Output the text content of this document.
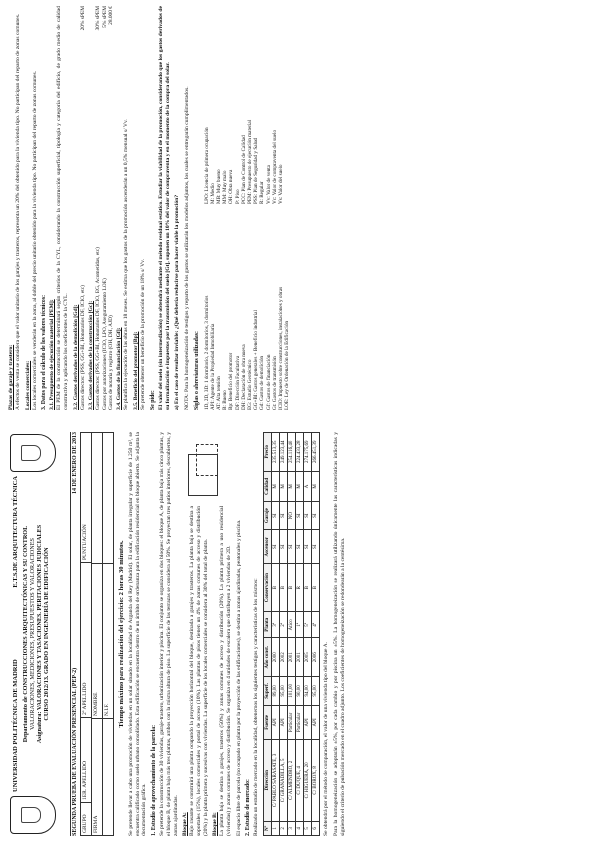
UNIVERSIDAD POLITÉCNICA DE MADRID
E.T.S.DE ARQUITECTURA TÉCNICA Departamento de CONSTRUCCIONES ARQUITECTÓNICAS Y SU CONTROL VALORACIONES, MEDICIONES, PRESUPUESTOS Y VALORACIONES Asignatura: VALORACIONES Y TASACIONES. PERITACIONES JUDICIALES CURSO 2012/13. GRADO EN INGENIERÍA DE EDIFICACIÓN
SEGUNDA PRUEBA DE EVALUACIÓN PRESENCIAL (PEP-2)
14 DE ENERO DE 2013
GRUPO
1ER. APELLIDO
2º APELLIDO
PUNTUACIÓN
FIRMA
NOMBRE N.I.F.	Tiempo máximo para realización del ejercicio: 2 horas 30 minutos. Se pretende llevar a cabo una promoción de viviendas en un solar situado en la localidad de Arganda del Rey (Madrid). El solar, de planta irregular y superficie de 1.250 m², se encuentra calificado como suelo urbano consolidado. Esta edificación se encuentra dentro de un ámbito de ordenanza para la edificación residencial en bloque abierto. Se adjunta la documentación gráfica. 1. Estudio de aprovechamiento de la parcela: Se pretende la construcción de 30 viviendas, garaje-trastero, urbanización interior y piscina. El conjunto se organiza en dos bloques: el bloque A, de planta baja más cinco plantas, y el bloque B, de planta baja más tres plantas, ambos con la misma altura de piso. La superficie de las terrazas se considera al 50%. Se proyectan tres patios interiores, descubiertos, y zonas ajardinadas. Bloque A: Bajo rasante se construirá una planta ocupando la proyección horizontal del bloque, destinada a garajes y trasteros. La planta baja se destina a soportales (15%), locales comerciales y portal de acceso (10%). Las plantas de pisos tienen un 4% de zonas comunes de acceso y distribución (20%) y la planta primera y sucesivas con viviendas. La superficie de los locales comerciales se considera al 30% del total de planta. Bloque B: La planta baja se destina a garajes, trasteros (50%) y zonas comunes de acceso y distribución (20%). La planta primera a uso residencial (viviendas) y zonas comunes de acceso y distribución. Se organiza en 4 unidades de escalera que distribuyen a 2 viviendas de 2D. El espacio libre de parcela (no ocupado en planta por la proyección de las edificaciones), se destina a zonas ajardinadas, peatonales y piscina. 2. Estudio de mercado: Realizado un estudio de mercado en la localidad, obtenemos los siguientes testigos y características de los mismos: Nº	Dirección	Fuente	Superf.	Año const.	Planta	Conservación	Ascensor	Garaje	Calidad	Precio
1	C/ PABLO SARASATE, 3	API	89,00	2000	3ª	B	SI	SI	M	235.513,35
2	C/ GRANADILLA, 5	API	95,00	2002	2ª	B	SI	SI	M	249.123,44
3	C/ ALMENDRO, 2	Particular	101,00	2001	Ático	B	SI	NO	M	254.116,40
4	C/ DUQUE, 4	Particular	90,00	2001	1ª	R	SI	SI	M	224.433,28
5	C/ HIGUERA, 20	API	94,00	2005	5ª	B	SI	SI	A	274.175,69
6	C/ BOROX, 8	API	95,00	2006	4ª	B	SI	SI	M	266.451,39

Se obtendrá por el método de comparación, el valor de una vivienda tipo del bloque A. Para la homogeneización se adoptarán ±5%, por cada cambio y por piscina un ±5%. La homogeneización se realizará utilizando únicamente las características indicadas y siguiendo el criterio de pulsación mercado en el cuadro adjunto. Los coeficientes de homogeneización se redondearán a la centésima.

Plazas de garaje y trastero: A efectos de venta se considera que el valor unitario de los garajes y trasteros, representa un 20% del obtenido para la vivienda tipo. No participan del reparto de zonas comunes. Locales comerciales: Los locales comerciales se venderán en la zona, al doble del precio unitario obtenido para la vivienda tipo. No participan del reparto de zonas comunes. 3. Datos para el cálculo de los valores técnicos: 3.1. Presupuesto de ejecución material [PEM]: El PEM de la construcción se determinará según criterios de la CYL, considerando la construcción superficial, tipología y categoría del edificio, de grado medio de calidad constructiva y aplicando los coeficientes de la CYL. 3.2. Gastos derivados de la demolición [Gd]: Gastos directos: (PSS, GG+BI, Honorarios DF, ICIO, etc)
20% sPEM
3.3. Gastos derivados de la construcción [Gc]: Gastos directos: (PSS, GG+BI, Honorarios DF, ICIO, EG, Acometidas, etc)
30% sPEM
Gastos por autorizaciones (ICIO, LPO, Aseguramiento LOE)
5% sPEM
Gastos de notaría y registro (OH, DH, AJD)
28.000 €
3.4. Gastos de la financiación [Gf]: Se planifica la ejecución de las obras en 18 meses. Se estima que los gastos de la promoción ascenderán a un 0,5% mensual s/ Vv. 3.5. Beneficio del promotor [Bp]: Se pretende obtener un beneficio de la promoción de un 18% s/ Vv. Se pide: El valor del suelo (sin intermediación) se obtendrá mediante el método residual estático. Estudiar la viabilidad de la promoción, considerando que los gastos derivados de su formalización e impuestos por la transmisión del suelo [Gt], suponen un 10% del valor de compraventa y en el momento de la compra del solar. a) En el caso de resultar inviable: ¿Qué debería reducirse para hacer viable la promoción? NOTA: Para la homogeneización de testigos y reparto de los gastos se utilizarán los modelos adjuntos, los cuales se entregarán cumplimentados. Siglas o abreviaturas utilizadas: 1D, 2D, 3D: 1 dormitorio, 2 dormitorios, 3 dormitorios API: Agente de la Propiedad Inmobiliaria AT: Alta tensión B: Bueno Bp: Beneficio del promotor DF: Dirección Facultativa DH: Declaración de obra nueva EG: Estudio Geotécnico GG+BI: Gastos generales + Beneficio industrial Gd: Gastos de demolición Gf: Gastos de financiación Gt: Gastos de transmisión ICIO: Impuesto sobre construcciones, instalaciones y obras LOE: Ley de Ordenación de la Edificación
LPO: Licencia de primera ocupación M: Medio MB: Muy bueno MM: Muy malo OH: Obra nueva P: Piso PCC: Plan de Control de Calidad PEM: Presupuesto de ejecución material PSS: Plan de Seguridad y Salud R: Regular Vv: Valor de venta Vc: Valor de compraventa del suelo Vs: Valor del suelo
